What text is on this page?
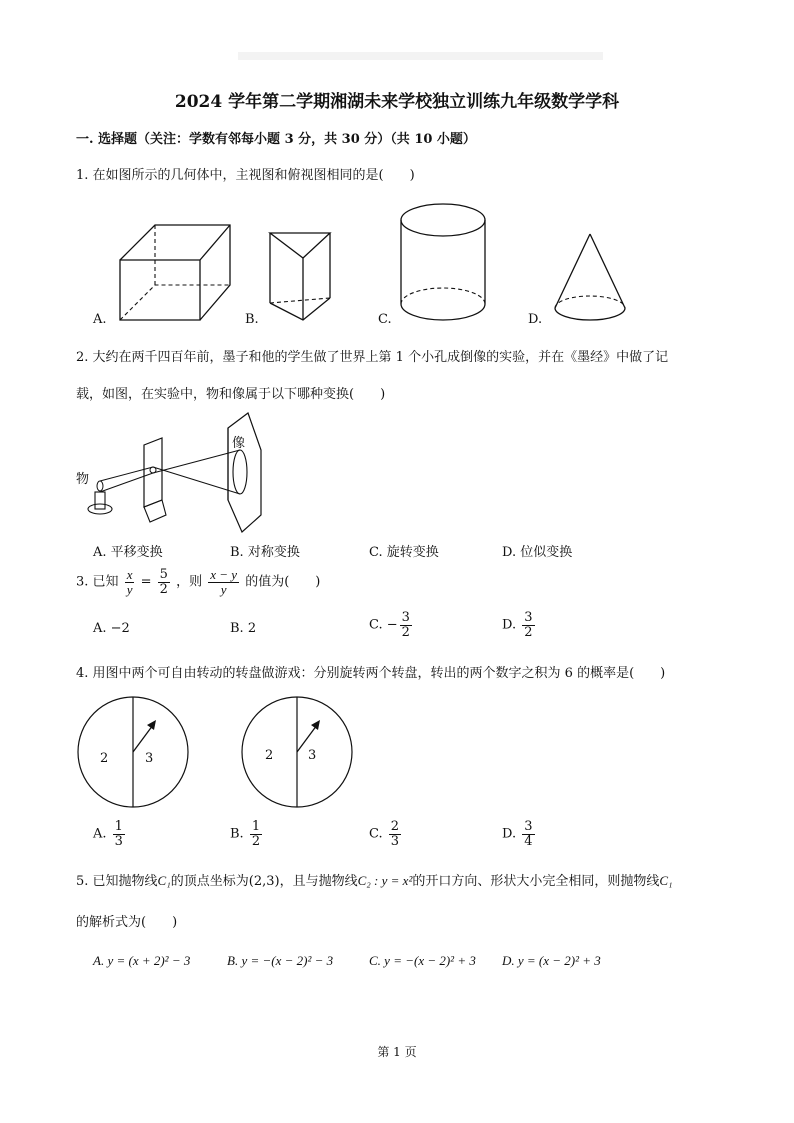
2024 学年第二学期湘湖未来学校独立训练九年级数学学科
一. 选择题（关注：学数有邻每小题 3 分，共 30 分）（共 10 小题）
1. 在如图所示的几何体中，主视图和俯视图相同的是(　　)
A.	B.	C.	D.
2. 大约在两千四百年前，墨子和他的学生做了世界上第 1 个小孔成倒像的实验，并在《墨经》中做了记
载，如图，在实验中，物和像属于以下哪种变换(　　)
物
像
A. 平移变换	B. 对称变换	C. 旋转变换	D. 位似变换
3. 已知 $\frac{x}{y} = \frac{5}{2}$ ，则 $\frac{x - y}{y}$ 的值为(　　)
A. −2	B. 2	C. − $\frac{3}{2}$	D. $\frac{3}{2}$
4. 用图中两个可自由转动的转盘做游戏：分别旋转两个转盘，转出的两个数字之积为 6 的概率是(　　)
2	3	2	3
A. $\frac{1}{3}$	B. $\frac{1}{2}$	C. $\frac{2}{3}$	D. $\frac{3}{4}$
5. 已知抛物线C₁的顶点坐标为(2,3)，且与抛物线C₂ : y = x²的开口方向、形状大小完全相同，则抛物线C₁
的解析式为(　　)
A. y = (x + 2)² − 3	B. y = −(x − 2)² − 3	C. y = −(x − 2)² + 3 D. y = (x − 2)² + 3
第 1 页
